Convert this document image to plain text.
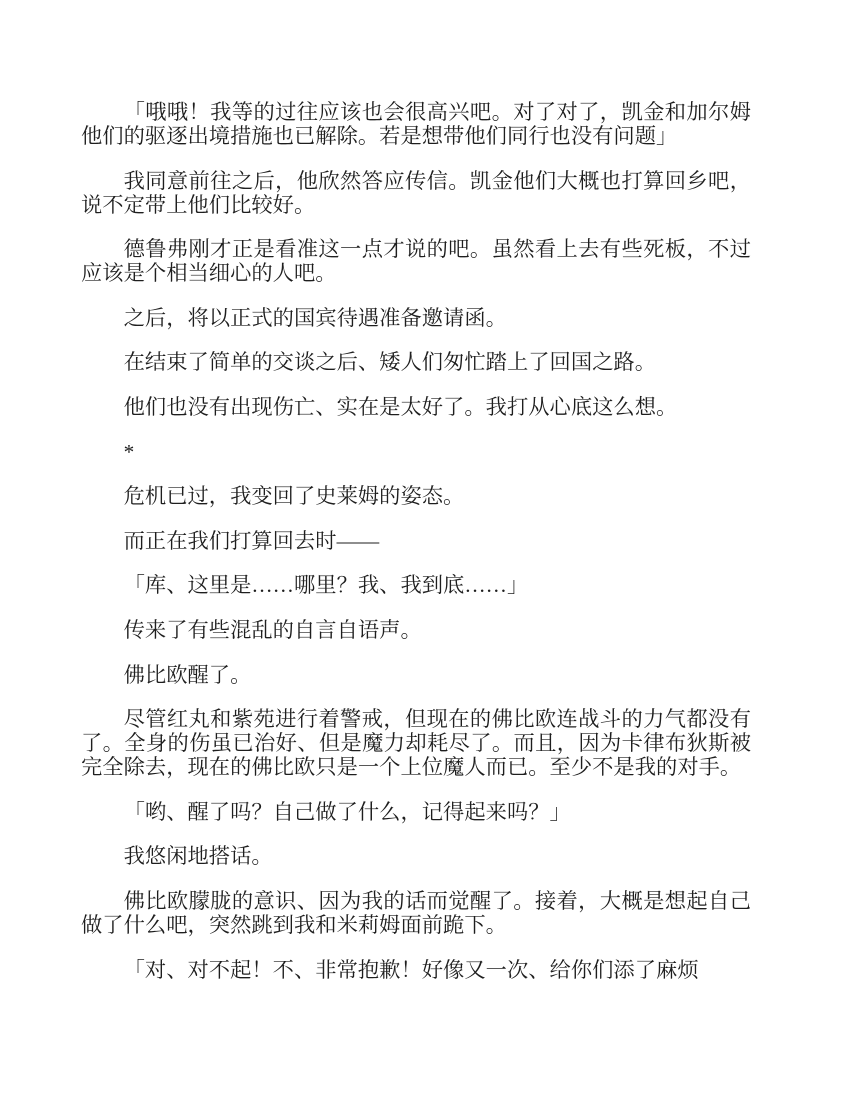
「哦哦！我等的过往应该也会很高兴吧。对了对了，凯金和加尔姆他们的驱逐出境措施也已解除。若是想带他们同行也没有问题」

我同意前往之后，他欣然答应传信。凯金他们大概也打算回乡吧，说不定带上他们比较好。

德鲁弗刚才正是看准这一点才说的吧。虽然看上去有些死板，不过应该是个相当细心的人吧。

之后，将以正式的国宾待遇准备邀请函。

在结束了简单的交谈之后、矮人们匆忙踏上了回国之路。

他们也没有出现伤亡、实在是太好了。我打从心底这么想。

*

危机已过，我变回了史莱姆的姿态。

而正在我们打算回去时——

「库、这里是……哪里？我、我到底……」

传来了有些混乱的自言自语声。

佛比欧醒了。

尽管红丸和紫苑进行着警戒，但现在的佛比欧连战斗的力气都没有了。全身的伤虽已治好、但是魔力却耗尽了。而且，因为卡律布狄斯被完全除去，现在的佛比欧只是一个上位魔人而已。至少不是我的对手。

「哟、醒了吗？自己做了什么，记得起来吗？」

我悠闲地搭话。

佛比欧朦胧的意识、因为我的话而觉醒了。接着，大概是想起自己做了什么吧，突然跳到我和米莉姆面前跪下。

「对、对不起！不、非常抱歉！好像又一次、给你们添了麻烦
